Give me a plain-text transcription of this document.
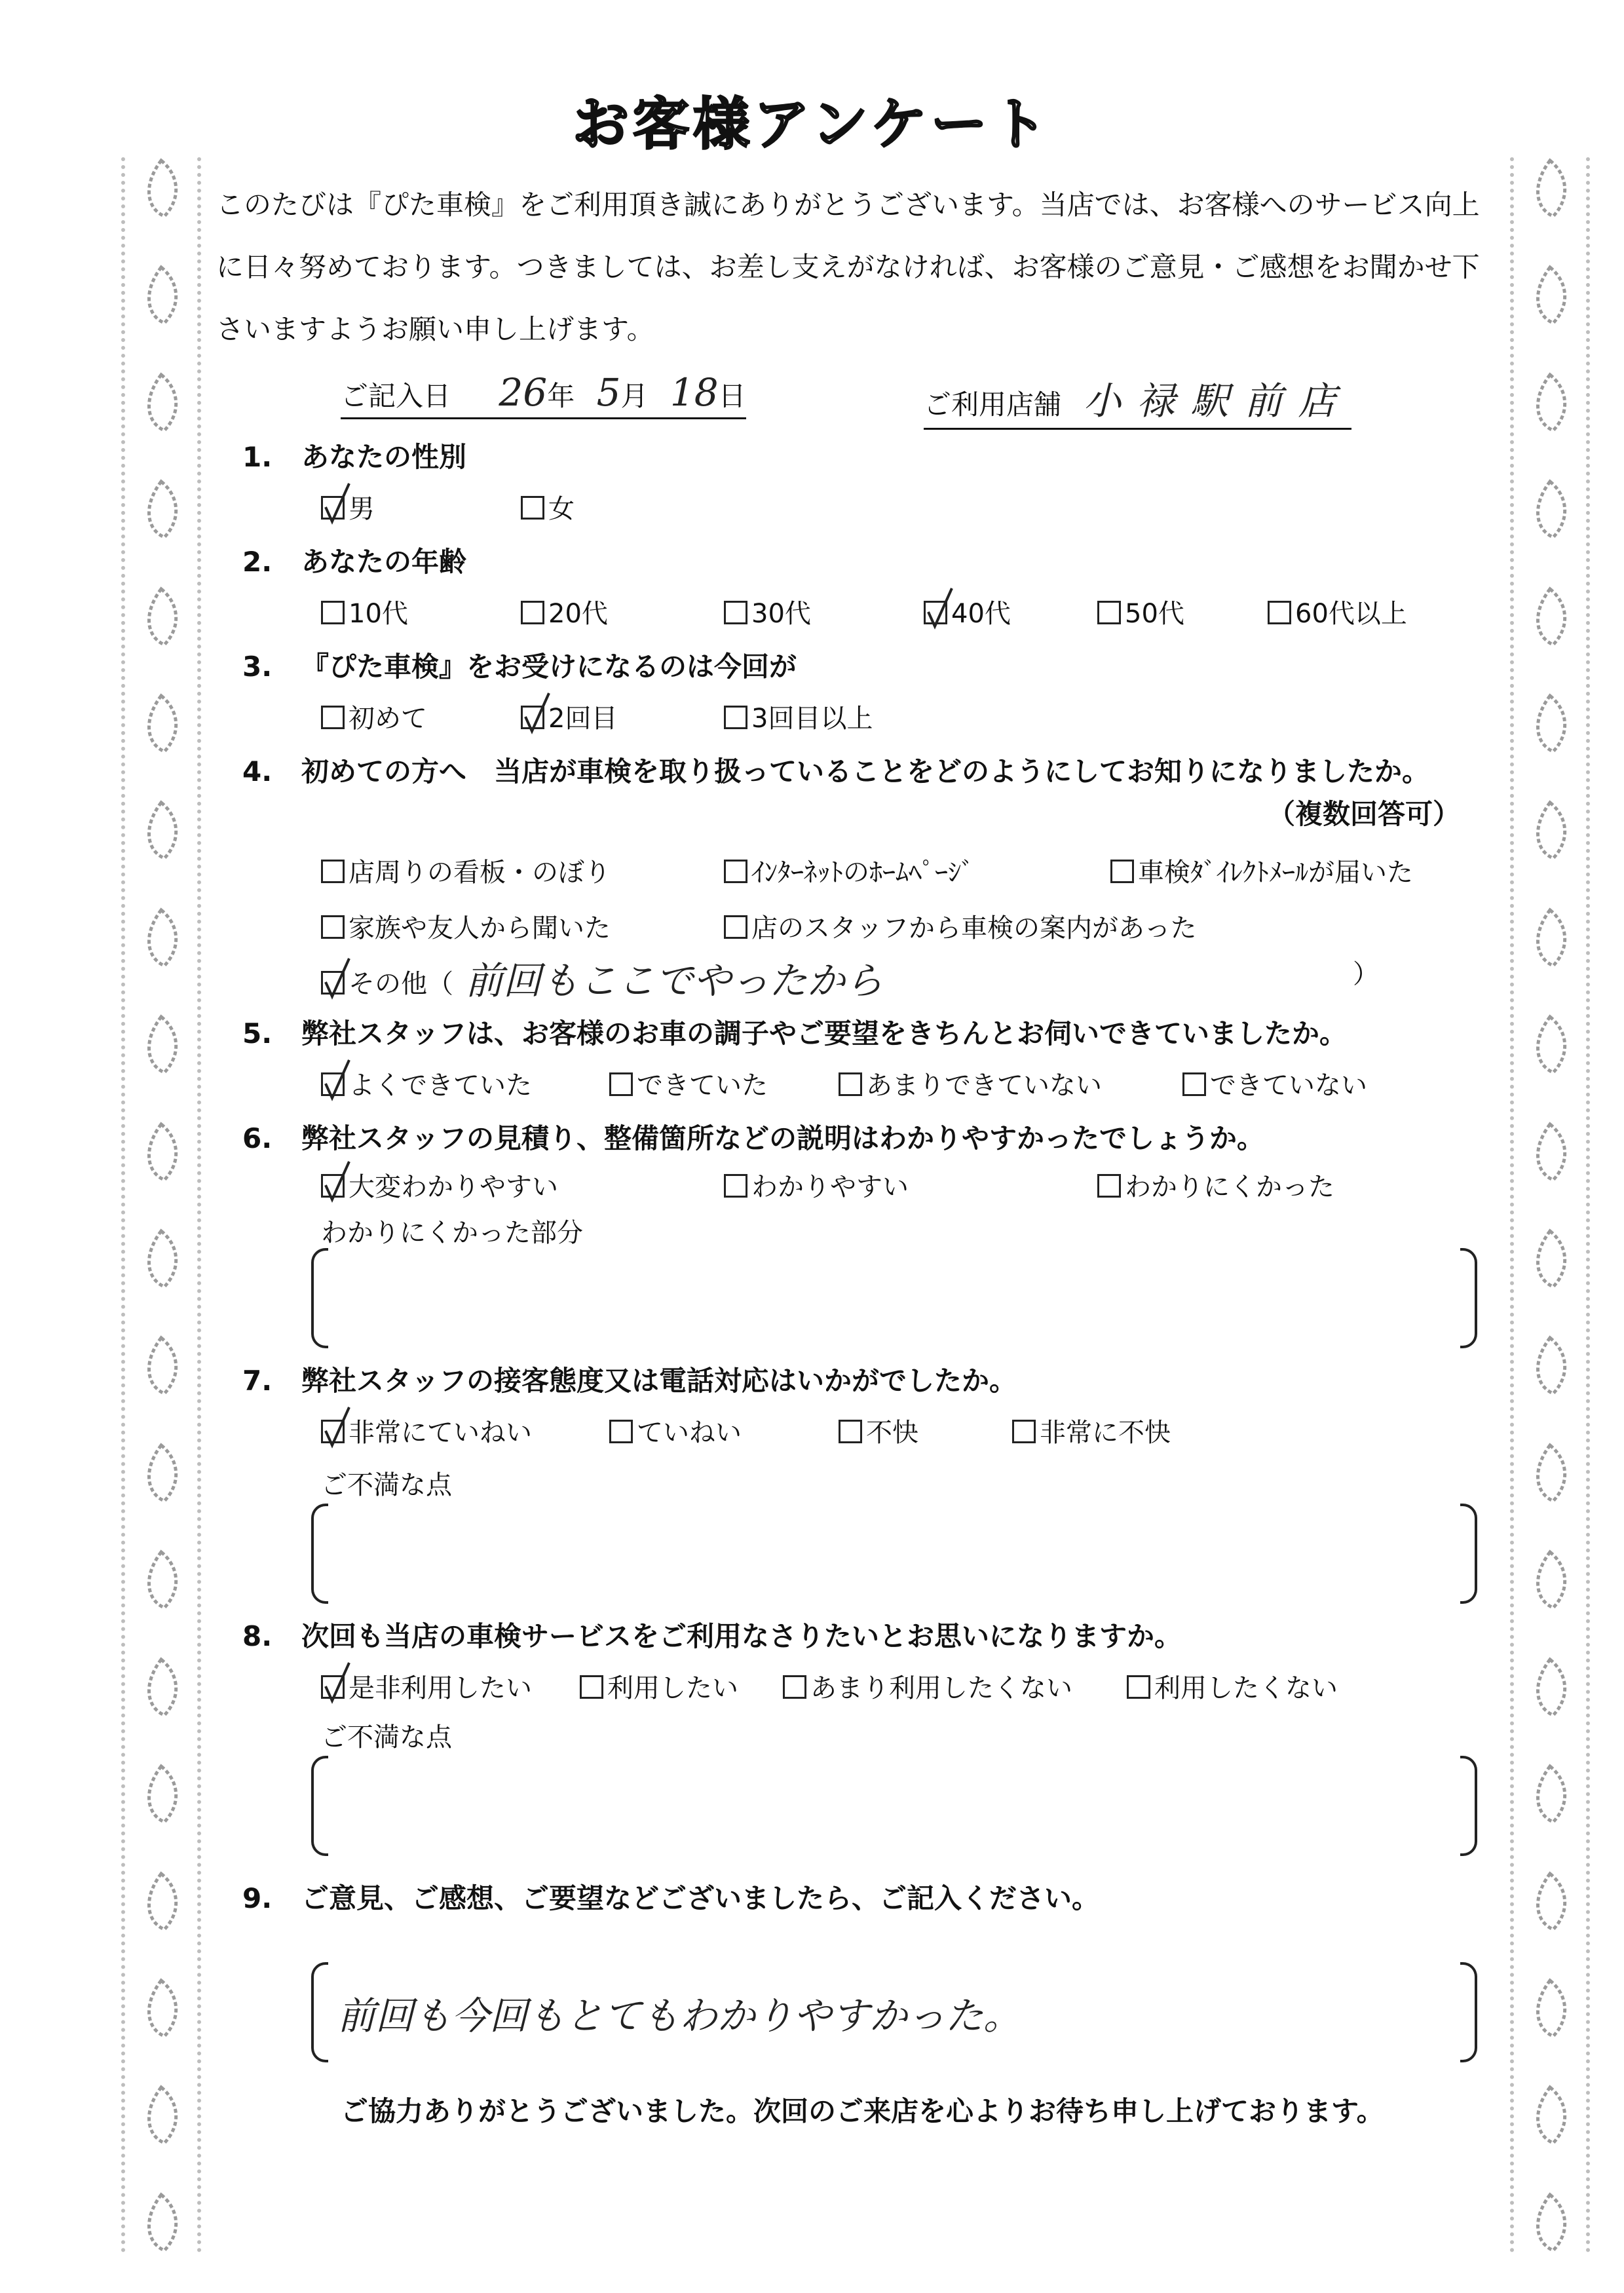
お客様アンケート
このたびは『ぴた車検』をご利用頂き誠にありがとうございます。当店では、お客様へのサービス向上に日々努めております。つきましては、お差し支えがなければ、お客様のご意見・ご感想をお聞かせ下さいますようお願い申し上げます。
ご記入日 26年 5月 18日	ご利用店舗 小禄駅前店
1. あなたの性別
男	女
2. あなたの年齢
10代	20代	30代	40代	50代	60代以上
3. 『ぴた車検』をお受けになるのは今回が
初めて	2回目	3回目以上
4. 初めての方へ　当店が車検を取り扱っていることをどのようにしてお知りになりましたか。
（複数回答可）
店周りの看板・のぼり	ｲﾝﾀｰﾈｯﾄのﾎｰﾑﾍﾟｰｼﾞ	車検ﾀﾞｲﾚｸﾄﾒｰﾙが届いた
家族や友人から聞いた	店のスタッフから車検の案内があった
その他（ 前回もここでやったから	）
5. 弊社スタッフは、お客様のお車の調子やご要望をきちんとお伺いできていましたか。
よくできていた	できていた	あまりできていない	できていない
6. 弊社スタッフの見積り、整備箇所などの説明はわかりやすかったでしょうか。
大変わかりやすい	わかりやすい	わかりにくかった
わかりにくかった部分
7. 弊社スタッフの接客態度又は電話対応はいかがでしたか。
非常にていねい	ていねい	不快	非常に不快
ご不満な点
8. 次回も当店の車検サービスをご利用なさりたいとお思いになりますか。
是非利用したい	利用したい	あまり利用したくない	利用したくない
ご不満な点
9. ご意見、ご感想、ご要望などございましたら、ご記入ください。
前回も今回もとてもわかりやすかった。
ご協力ありがとうございました。次回のご来店を心よりお待ち申し上げております。
